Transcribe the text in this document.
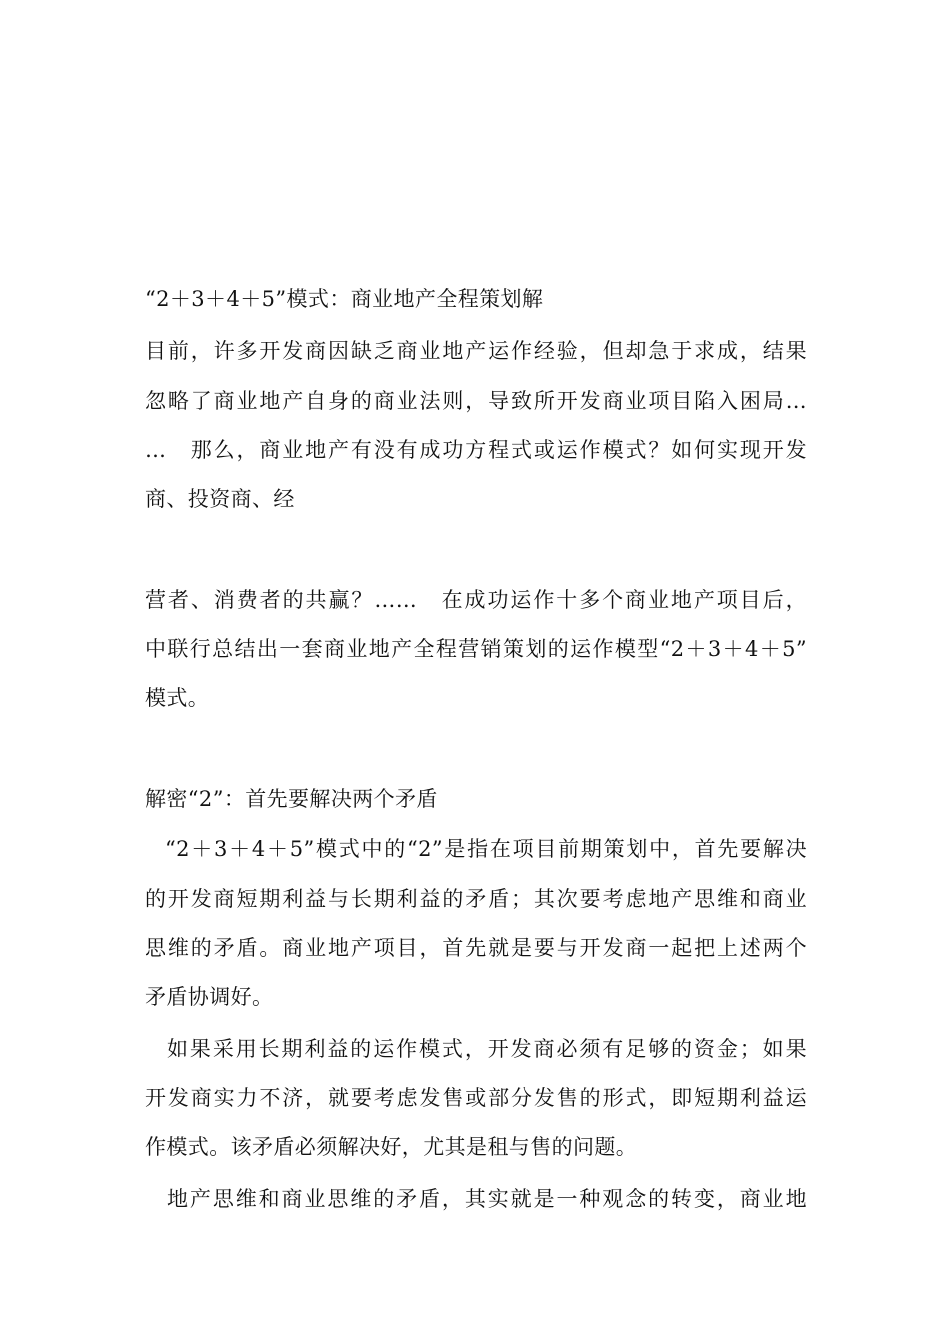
“2＋3＋4＋5”模式：商业地产全程策划解
目前，许多开发商因缺乏商业地产运作经验，但却急于求成，结果
忽略了商业地产自身的商业法则，导致所开发商业项目陷入困局…
…　那么，商业地产有没有成功方程式或运作模式？如何实现开发
商、投资商、经
营者、消费者的共赢？……　在成功运作十多个商业地产项目后，
中联行总结出一套商业地产全程营销策划的运作模型“2＋3＋4＋5”
模式。
解密“2”：首先要解决两个矛盾
“2＋3＋4＋5”模式中的“2”是指在项目前期策划中，首先要解决
的开发商短期利益与长期利益的矛盾；其次要考虑地产思维和商业
思维的矛盾。商业地产项目，首先就是要与开发商一起把上述两个
矛盾协调好。
如果采用长期利益的运作模式，开发商必须有足够的资金；如果
开发商实力不济，就要考虑发售或部分发售的形式，即短期利益运
作模式。该矛盾必须解决好，尤其是租与售的问题。
地产思维和商业思维的矛盾，其实就是一种观念的转变，商业地
